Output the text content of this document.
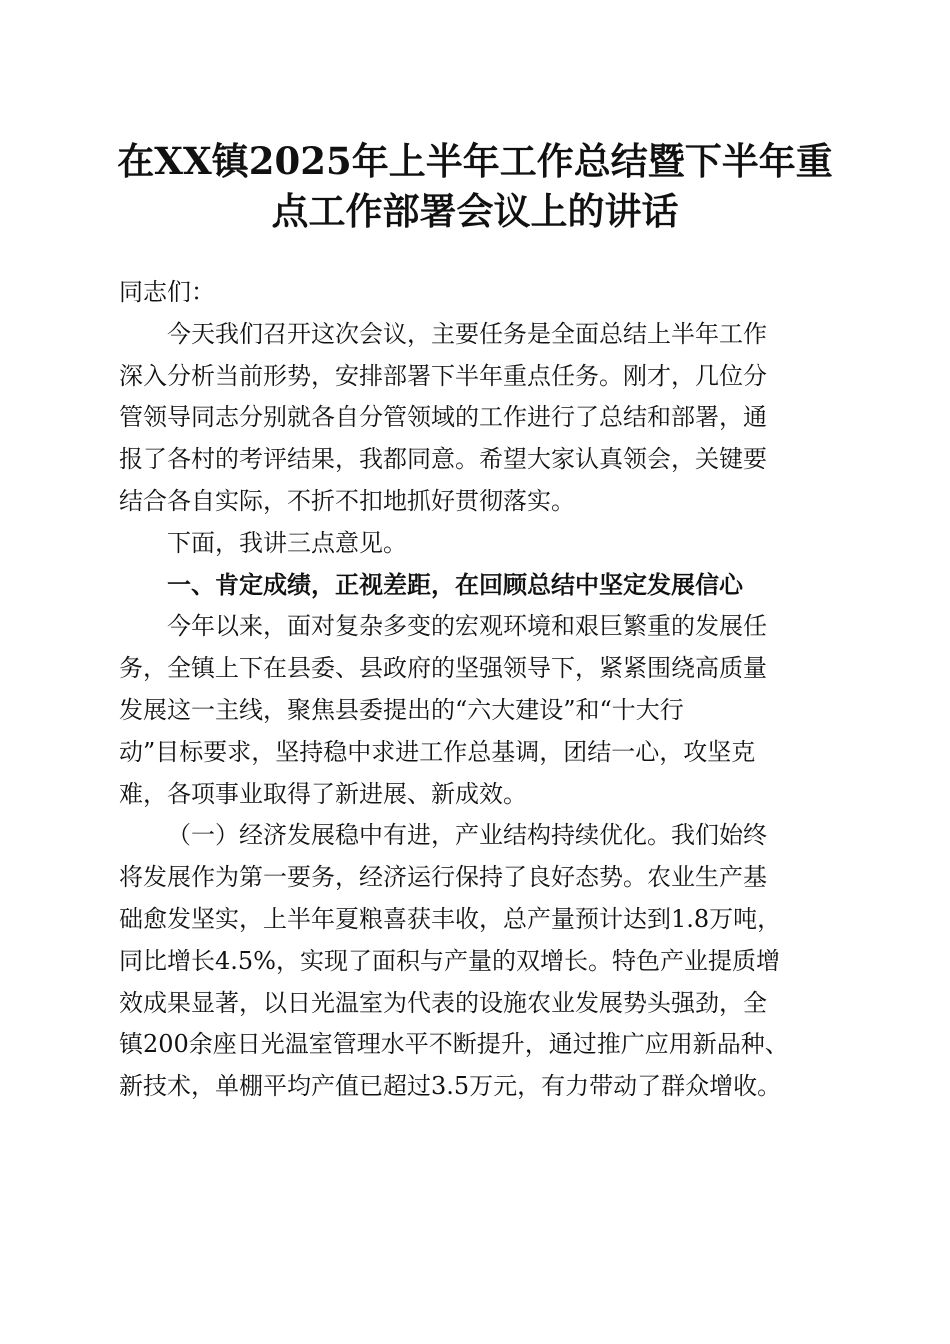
在XX镇2025年上半年工作总结暨下半年重
点工作部署会议上的讲话
同志们：
今天我们召开这次会议，主要任务是全面总结上半年工作
深入分析当前形势，安排部署下半年重点任务。刚才，几位分
管领导同志分别就各自分管领域的工作进行了总结和部署，通
报了各村的考评结果，我都同意。希望大家认真领会，关键要
结合各自实际，不折不扣地抓好贯彻落实。
下面，我讲三点意见。
一、肯定成绩，正视差距，在回顾总结中坚定发展信心
今年以来，面对复杂多变的宏观环境和艰巨繁重的发展任
务，全镇上下在县委、县政府的坚强领导下，紧紧围绕高质量
发展这一主线，聚焦县委提出的“六大建设”和“十大行
动”目标要求，坚持稳中求进工作总基调，团结一心，攻坚克
难，各项事业取得了新进展、新成效。
（一）经济发展稳中有进，产业结构持续优化。我们始终
将发展作为第一要务，经济运行保持了良好态势。农业生产基
础愈发坚实，上半年夏粮喜获丰收，总产量预计达到1.8万吨，
同比增长4.5%，实现了面积与产量的双增长。特色产业提质增
效成果显著，以日光温室为代表的设施农业发展势头强劲，全
镇200余座日光温室管理水平不断提升，通过推广应用新品种、
新技术，单棚平均产值已超过3.5万元，有力带动了群众增收。
